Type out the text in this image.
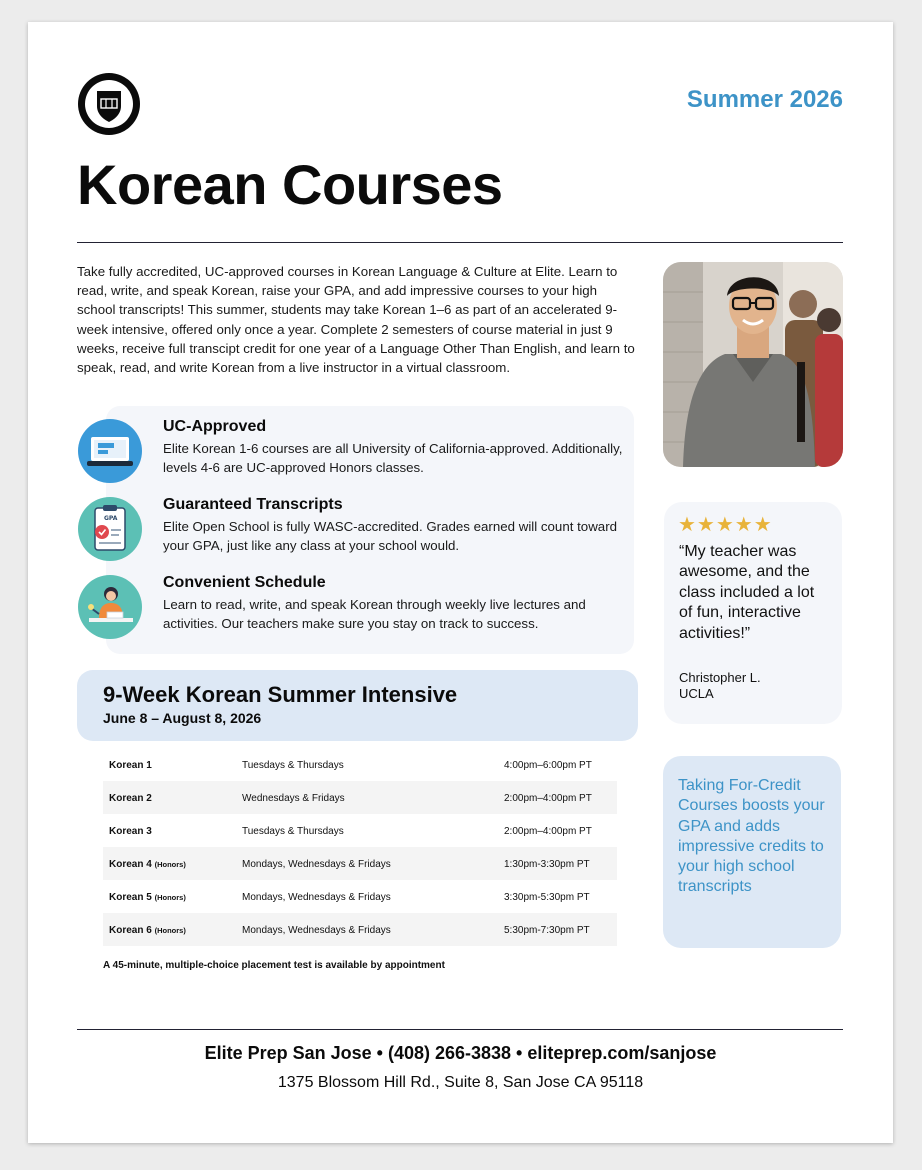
Summer 2026
Korean Courses

Take fully accredited, UC-approved courses in Korean Language & Culture at Elite. Learn to read, write, and speak Korean, raise your GPA, and add impressive courses to your high school transcripts! This summer, students may take Korean 1–6 as part of an accelerated 9-week intensive, offered only once a year. Complete 2 semesters of course material in just 9 weeks, receive full transcipt credit for one year of a Language Other Than English, and learn to speak, read, and write Korean from a live instructor in a virtual classroom.

UC-Approved
Elite Korean 1-6 courses are all University of California-approved. Additionally, levels 4-6 are UC-approved Honors classes.
GPA
Guaranteed Transcripts
Elite Open School is fully WASC-accredited. Grades earned will count toward your GPA, just like any class at your school would.
Convenient Schedule
Learn to read, write, and speak Korean through weekly live lectures and activities. Our teachers make sure you stay on track to success.
★★★★★
“My teacher was awesome, and the class included a lot of fun, interactive activities!”
Christopher L.
UCLA
Taking For-Credit Courses boosts your GPA and adds impressive credits to your high school transcripts
9-Week Korean Summer Intensive
June 8 – August 8, 2026
Korean 1	Tuesdays & Thursdays	4:00pm–6:00pm PT
Korean 2	Wednesdays & Fridays	2:00pm–4:00pm PT
Korean 3	Tuesdays & Thursdays	2:00pm–4:00pm PT
Korean 4 (Honors)	Mondays, Wednesdays & Fridays	1:30pm-3:30pm PT
Korean 5 (Honors)	Mondays, Wednesdays & Fridays	3:30pm-5:30pm PT
Korean 6 (Honors)	Mondays, Wednesdays & Fridays	5:30pm-7:30pm PT
A 45-minute, multiple-choice placement test is available by appointment
Elite Prep San Jose • (408) 266-3838 • eliteprep.com/sanjose
1375 Blossom Hill Rd., Suite 8, San Jose CA 95118
